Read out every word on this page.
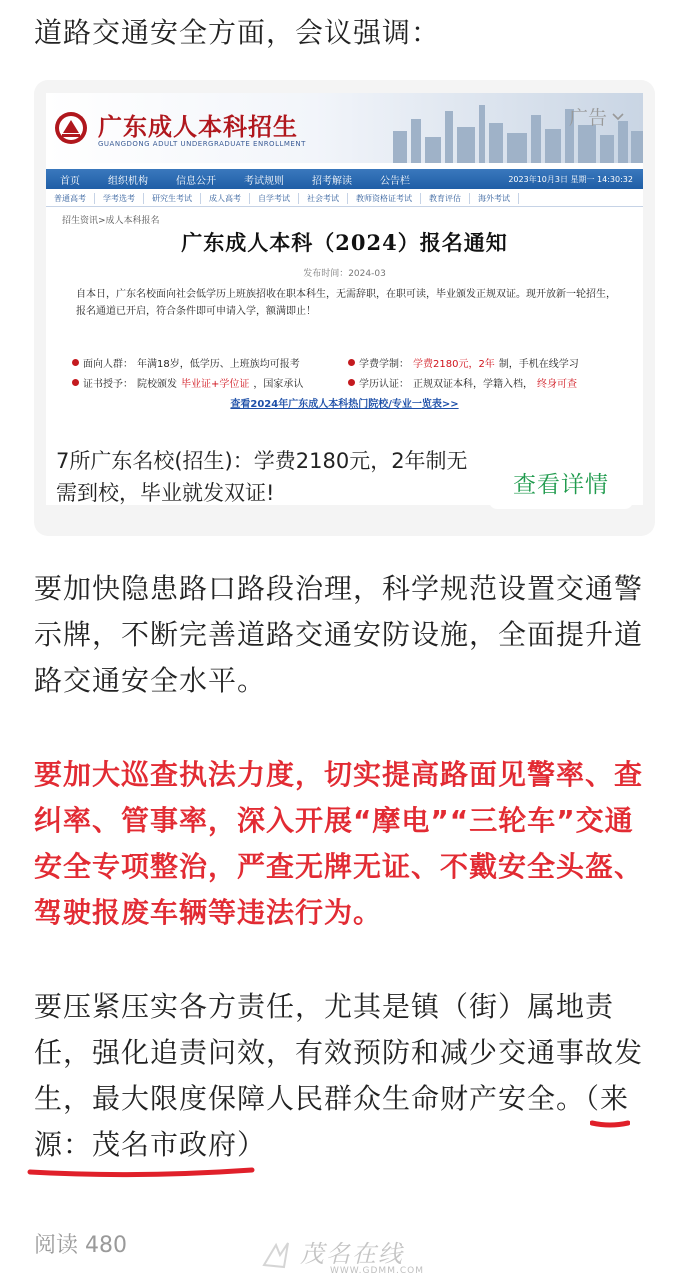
道路交通安全方面，会议强调：
广东成人本科招生
GUANGDONG ADULT UNDERGRADUATE ENROLLMENT
广告
首页	组织机构	信息公开	考试规则	招考解读	公告栏	2023年10月3日 星期一 14:30:32
普通高考	学考选考	研究生考试	成人高考	自学考试	社会考试	教师资格证考试	教育评估	海外考试
招生资讯>成人本科报名
广东成人本科（2024）报名通知
发布时间：2024-03
自本日，广东名校面向社会低学历上班族招收在职本科生，无需辞职，在职可读，毕业颁发正规双证。现开放新一轮招生，报名通道已开启，符合条件即可申请入学，额满即止！
面向人群： 年满18岁，低学历、上班族均可报考	学费学制： 学费2180元，2年 制，手机在线学习
证书授予： 院校颁发 毕业证+学位证 ，国家承认	学历认证： 正规双证本科，学籍入档， 终身可查
查看2024年广东成人本科热门院校/专业一览表>>
7所广东名校(招生)：学费2180元，2年制无需到校，毕业就发双证!	查看详情
要加快隐患路口路段治理，科学规范设置交通警示牌，不断完善道路交通安防设施，全面提升道路交通安全水平。
要加大巡查执法力度，切实提高路面见警率、查纠率、管事率，深入开展“摩电”“三轮车”交通安全专项整治，严查无牌无证、不戴安全头盔、驾驶报废车辆等违法行为。
要压紧压实各方责任，尤其是镇（街）属地责任，强化追责问效，有效预防和减少交通事故发生，最大限度保障人民群众生命财产安全。（来源：茂名市政府）
阅读 480	茂名在线
WWW.GDMM.COM
